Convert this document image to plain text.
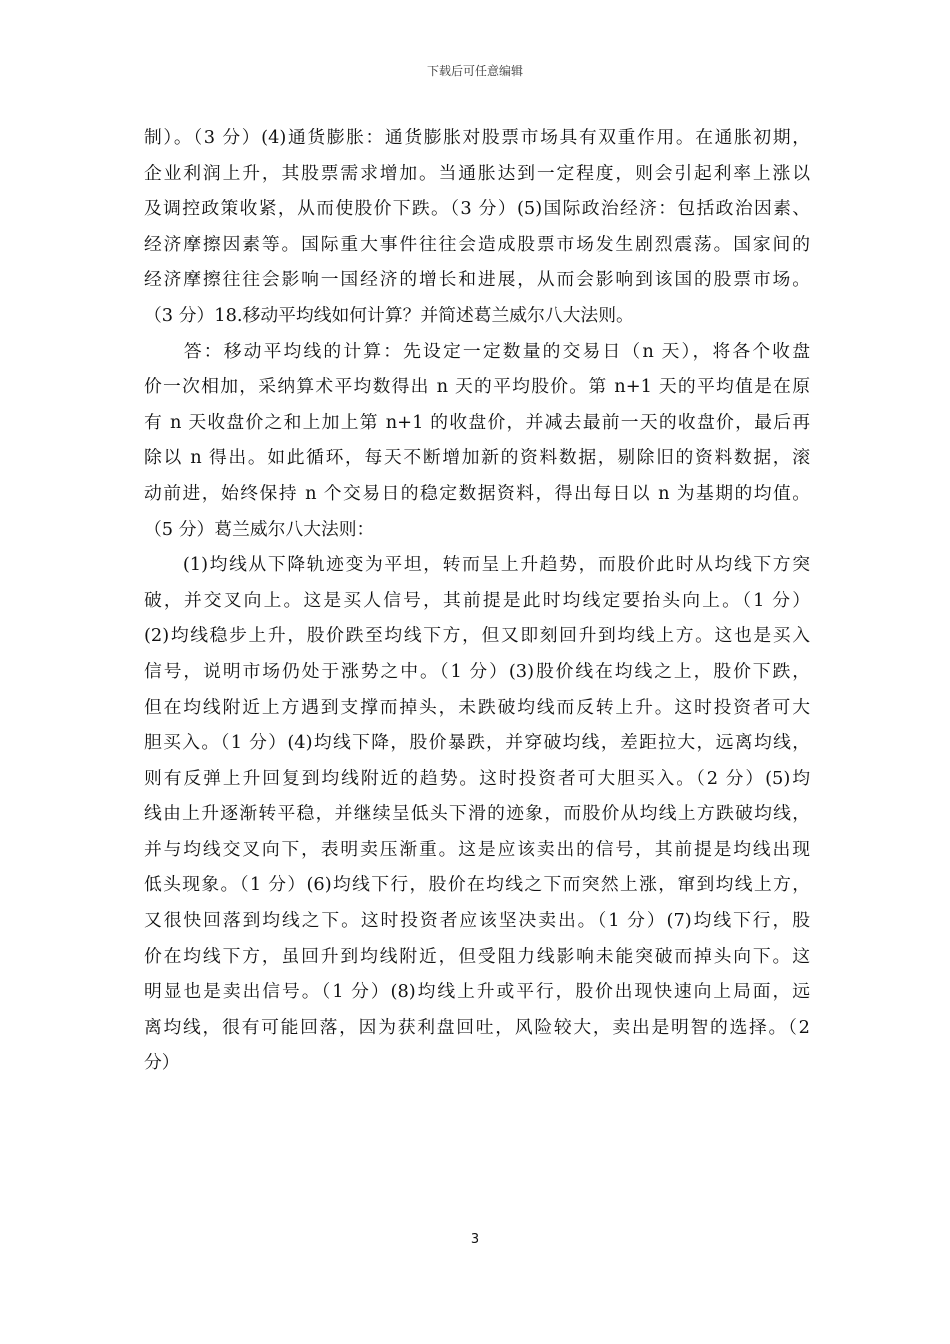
下载后可任意编辑
制）。（3 分）(4)通货膨胀：通货膨胀对股票市场具有双重作用。在通胀初期，
企业利润上升，其股票需求增加。当通胀达到一定程度，则会引起利率上涨以
及调控政策收紧，从而使股价下跌。（3 分）(5)国际政治经济：包括政治因素、
经济摩擦因素等。国际重大事件往往会造成股票市场发生剧烈震荡。国家间的
经济摩擦往往会影响一国经济的增长和进展，从而会影响到该国的股票市场。
（3 分）18.移动平均线如何计算？并简述葛兰威尔八大法则。
　　答：移动平均线的计算：先设定一定数量的交易日（n 天），将各个收盘
价一次相加，采纳算术平均数得出 n 天的平均股价。第 n+1 天的平均值是在原
有 n 天收盘价之和上加上第 n+1 的收盘价，并减去最前一天的收盘价，最后再
除以 n 得出。如此循环，每天不断增加新的资料数据，剔除旧的资料数据，滚
动前进，始终保持 n 个交易日的稳定数据资料，得出每日以 n 为基期的均值。
（5 分）葛兰威尔八大法则：
　　(1)均线从下降轨迹变为平坦，转而呈上升趋势，而股价此时从均线下方突
破，并交叉向上。这是买人信号，其前提是此时均线定要抬头向上。（1 分）
(2)均线稳步上升，股价跌至均线下方，但又即刻回升到均线上方。这也是买入
信号，说明市场仍处于涨势之中。（1 分）(3)股价线在均线之上，股价下跌，
但在均线附近上方遇到支撑而掉头，未跌破均线而反转上升。这时投资者可大
胆买入。（1 分）(4)均线下降，股价暴跌，并穿破均线，差距拉大，远离均线，
则有反弹上升回复到均线附近的趋势。这时投资者可大胆买入。（2 分）(5)均
线由上升逐渐转平稳，并继续呈低头下滑的迹象，而股价从均线上方跌破均线，
并与均线交叉向下，表明卖压渐重。这是应该卖出的信号，其前提是均线出现
低头现象。（1 分）(6)均线下行，股价在均线之下而突然上涨，窜到均线上方，
又很快回落到均线之下。这时投资者应该坚决卖出。（1 分）(7)均线下行，股
价在均线下方，虽回升到均线附近，但受阻力线影响未能突破而掉头向下。这
明显也是卖出信号。（1 分）(8)均线上升或平行，股价出现快速向上局面，远
离均线，很有可能回落，因为获利盘回吐，风险较大，卖出是明智的选择。（2
分）
3
